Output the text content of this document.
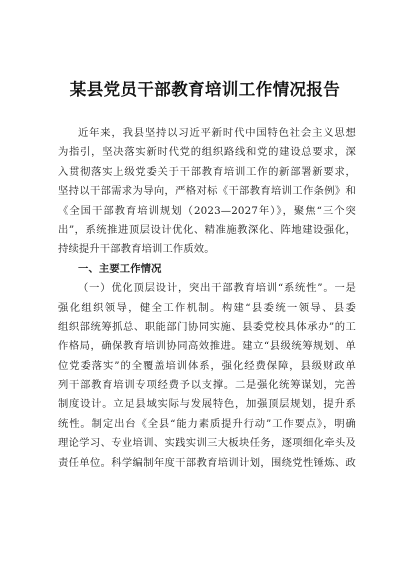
某县党员干部教育培训工作情况报告
近年来，我县坚持以习近平新时代中国特色社会主义思想
为指引，坚决落实新时代党的组织路线和党的建设总要求，深
入贯彻落实上级党委关于干部教育培训工作的新部署新要求，
坚持以干部需求为导向，严格对标《干部教育培训工作条例》和
《全国干部教育培训规划（2023—2027年）》，聚焦“三个突
出”，系统推进顶层设计优化、精准施教深化、阵地建设强化，
持续提升干部教育培训工作质效。
一、主要工作情况
（一）优化顶层设计，突出干部教育培训“系统性”。一是
强化组织领导，健全工作机制。构建“县委统一领导、县委
组织部统筹抓总、职能部门协同实施、县委党校具体承办”的工
作格局，确保教育培训协同高效推进。建立“县级统筹规划、单
位党委落实”的全覆盖培训体系，强化经费保障，县级财政单
列干部教育培训专项经费予以支撑。二是强化统筹谋划，完善
制度设计。立足县域实际与发展特色，加强顶层规划，提升系
统性。制定出台《全县“能力素质提升行动”工作要点》，明确
理论学习、专业培训、实践实训三大板块任务，逐项细化牵头及
责任单位。科学编制年度干部教育培训计划，围绕党性锤炼、政
